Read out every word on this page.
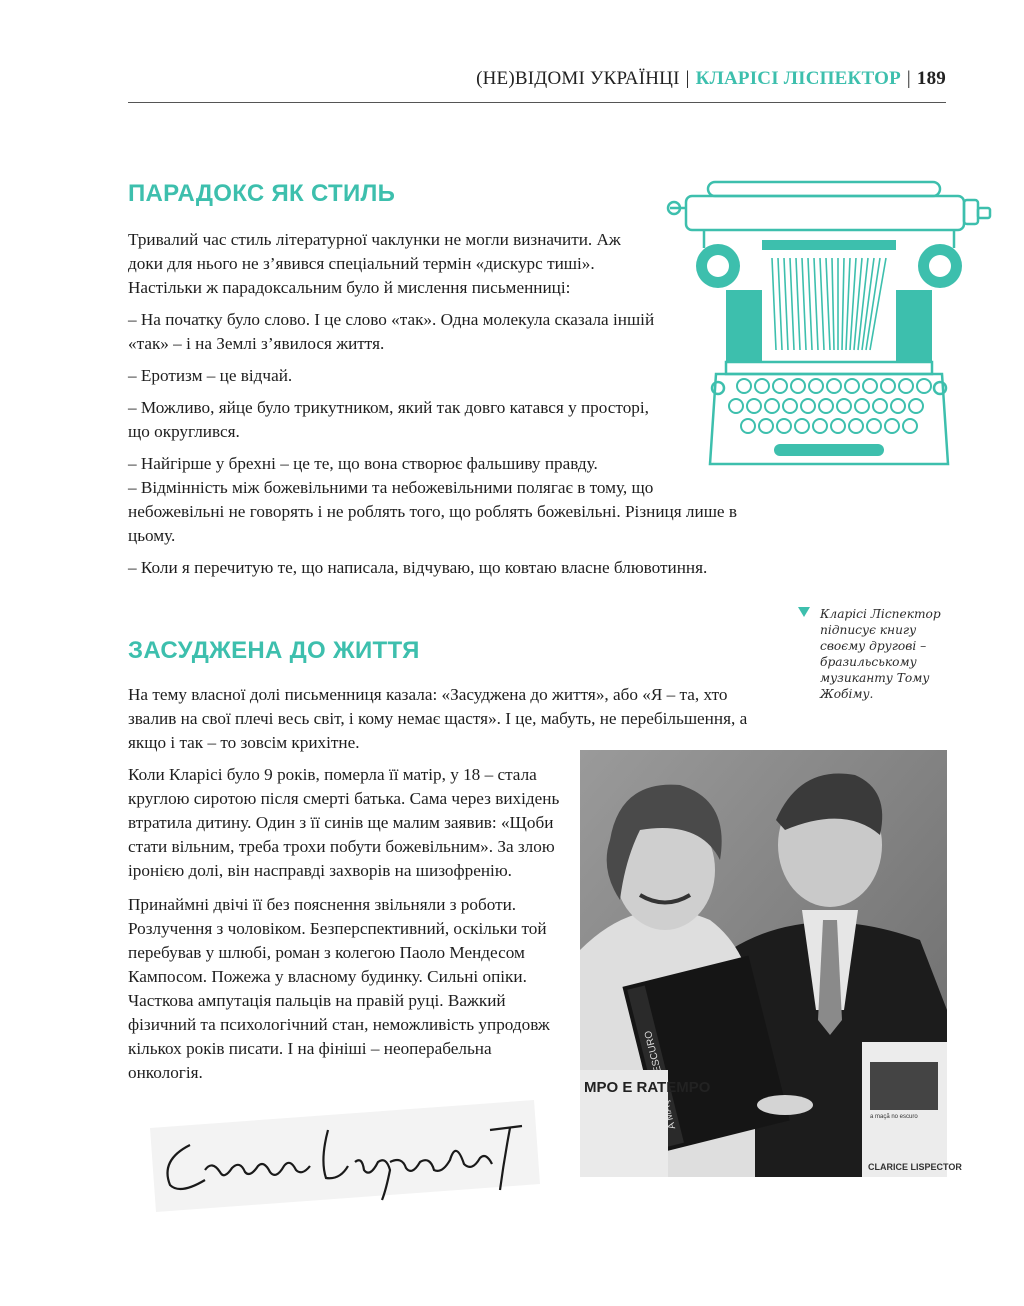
(НЕ)ВІДОМІ УКРАЇНЦІ | КЛАРІСІ ЛІСПЕКТОР | 189
ПАРАДОКС ЯК СТИЛЬ

Тривалий час стиль літературної чаклунки не могли визначити. Аж доки для нього не з’явився спеціальний термін «дискурс тиші». Настільки ж парадоксальним було й мислення письменниці:

– На початку було слово. І це слово «так». Одна молекула сказала іншій «так» – і на Землі з’явилося життя.

– Еротизм – це відчай.

– Можливо, яйце було трикутником, який так довго катався у просторі, що округлився.

– Найгірше у брехні – це те, що вона створює фальшиву правду.

– Відмінність між божевільними та небожевільними полягає в тому, що небожевільні не говорять і не роблять того, що роблять божевільні. Різниця лише в цьому.

– Коли я перечитую те, що написала, відчуваю, що ковтаю власне блювотиння.

Кларісі Ліспектор підписує книгу своєму другові – бразильському музиканту Тому Жобіму.
ЗАСУДЖЕНА ДО ЖИТТЯ

На тему власної долі письменниця казала: «Засуджена до життя», або «Я – та, хто звалив на свої плечі весь світ, і кому немає щастя». І це, мабуть, не перебільшення, а якщо і так – то зовсім крихітне.

Коли Кларісі було 9 років, померла її матір, у 18 – стала круглою сиротою після смерті батька. Сама через вихідень втратила дитину. Один з її синів ще малим заявив: «Щоби стати вільним, треба трохи побути божевільним». За злою іронією долі, він насправді захворів на шизофренію.

Принаймні двічі її без пояснення звільняли з роботи. Розлучення з чоловіком. Безперспективний, оскільки той перебував у шлюбі, роман з колегою Паоло Мендесом Кампосом. Пожежа у власному будинку. Сильні опіки. Часткова ампутація пальців на правій руці. Важкий фізичний та психологічний стан, неможливість упродовж кількох років писати. І на фініші – неоперабельна онкологія.

A ESCURO
MPO E RATEMPO
a maçã no escuro
CLARICE LISPECTOR
